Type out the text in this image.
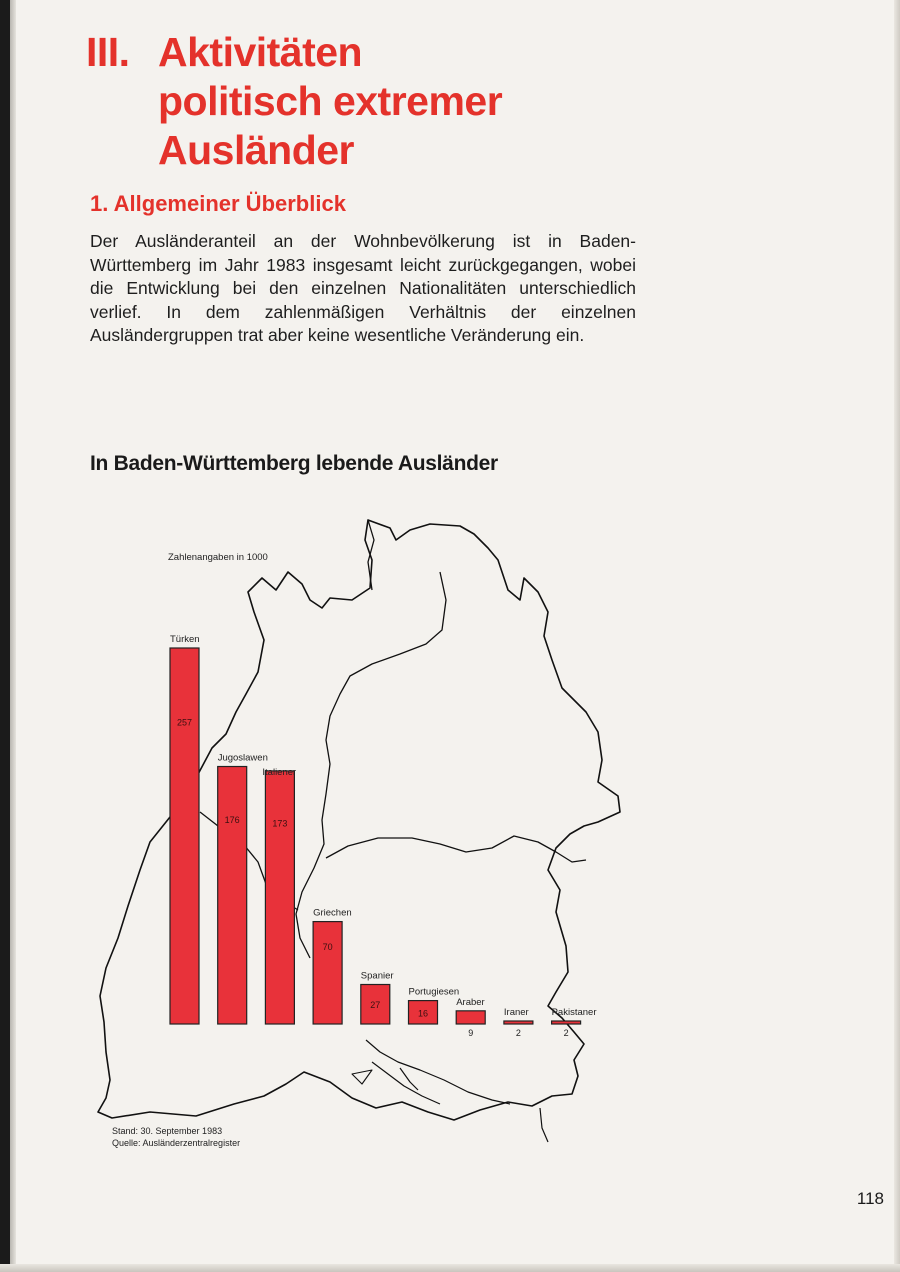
III. Aktivitäten
politisch extremer
Ausländer
1. Allgemeiner Überblick

Der Ausländeranteil an der Wohnbevölkerung ist in Baden-Württemberg im Jahr 1983 insgesamt leicht zurückgegangen, wobei die Entwicklung bei den einzelnen Nationalitäten unterschiedlich verlief. In dem zahlenmäßigen Verhältnis der einzelnen Ausländergruppen trat aber keine wesentliche Veränderung ein.

In Baden-Württemberg lebende Ausländer
Türken
257
Jugoslawen
176
Italiener
173
Griechen
70
Spanier
27
Portugiesen
16
Araber
9
Iraner
2
Pakistaner
2
Zahlenangaben in 1000
Stand: 30. September 1983
Quelle: Ausländerzentralregister
118
